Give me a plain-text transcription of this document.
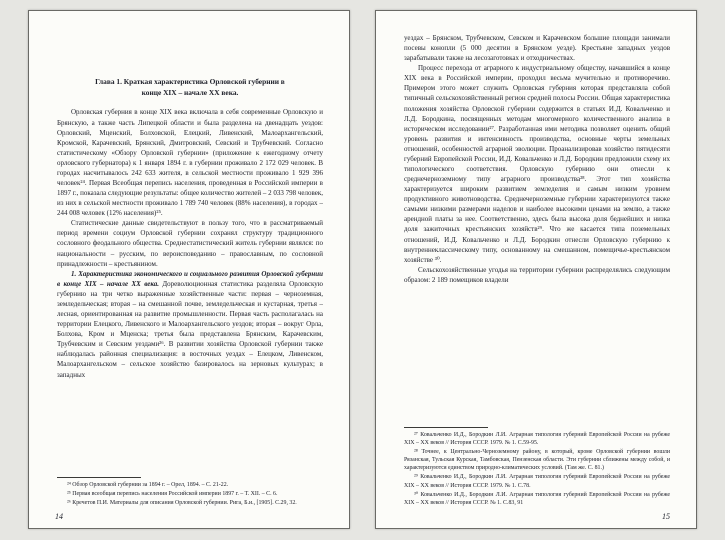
Глава 1. Краткая характеристика Орловской губернии в конце XIX – начале XX века.

Орловская губерния в конце XIX века включала в себя современные Орловскую и Брянскую, а также часть Липецкой области и была разделена на двенадцать уездов: Орловский, Мценский, Болховской, Елецкий, Ливенский, Малоархангельский, Кромской, Карачевский, Брянский, Дмитровский, Севский и Трубчевский. Согласно статистическому «Обзору Орловской губернии» (приложение к ежегодному отчету орловского губернатора) к 1 января 1894 г. в губернии проживало 2 172 029 человек. В городах насчитывалось 242 633 жителя, в сельской местности проживало 1 929 396 человек²⁴. Первая Всеобщая перепись населения, проведенная в Российской империи в 1897 г., показала следующие результаты: общее количество жителей – 2 033 798 человек, из них в сельской местности проживало 1 789 740 человек (88% населения), в городах – 244 008 человек (12% населения)²⁵.

Статистические данные свидетельствуют в пользу того, что в рассматриваемый период времени социум Орловской губернии сохранял структуру традиционного сословного феодального общества. Среднестатистический житель губернии являлся: по национальности – русским, по вероисповеданию – православным, по сословной принадлежности – крестьянином.

1. Характеристика экономического и социального развития Орловской губернии в конце XIX – начале XX века. Дореволюционная статистика разделяла Орловскую губернию на три четко выраженные хозяйственные части: первая – черноземная, земледельческая; вторая – на смешанной почве, земледельческая и кустарная, третья – лесная, ориентированная на развитие промышленности. Первая часть располагалась на территории Елецкого, Ливенского и Малоархангельского уездов; вторая – вокруг Орла, Болхова, Кром и Мценска; третья была представлена Брянским, Карачевским, Трубчевским и Севским уездами²⁶. В развитии хозяйства Орловской губернии также наблюдалась районная специализация: в восточных уездах – Елецком, Ливенском, Малоархангельском – сельское хозяйство базировалось на зерновых культурах; в западных

²⁴ Обзор Орловской губернии за 1894 г. – Орел, 1894. – С. 21-22.

²⁵ Первая всеобщая перепись населения Российской империи 1897 г. – Т. XII. – С. 6.

²⁶ Кречетов П.И. Материалы для описания Орловской губернии. Рига, Б.и., [1905]. С.29, 32.

14

уездах – Брянском, Трубчевском, Севском и Карачевском большие площади занимали посевы конопли (5 000 десятин в Брянском уезде). Крестьяне западных уездов зарабатывали также на лесозаготовках и отходничествах.

Процесс перехода от аграрного к индустриальному обществу, начавшийся в конце XIX века в Российской империи, проходил весьма мучительно и противоречиво. Примером этого может служить Орловская губерния которая представляла собой типичный сельскохозяйственный регион средней полосы России. Общая характеристика положения хозяйства Орловской губернии содержится в статьях И.Д. Ковальченко и Л.Д. Бородкина, посвященных методам многомерного количественного анализа в историческом исследовании²⁷. Разработанная ими методика позволяет оценить общий уровень развития и интенсивность производства, основные черты земельных отношений, особенностей аграрной эволюции. Проанализировав хозяйство пятидесяти губерний Европейской России, И.Д. Ковальченко и Л.Д. Бородкин предложили схему их типологического соответствия. Орловскую губернию они отнесли к среднечерноземному типу аграрного производства²⁸. Этот тип хозяйства характеризуется широким развитием земледелия и самым низким уровнем продуктивного животноводства. Среднечерноземные губернии характеризуются также самыми низкими размерами наделов и наиболее высокими ценами на землю, а также арендной платы за нее. Соответственно, здесь была высока доля беднейших и низка доля зажиточных крестьянских хозяйств²⁹. Что же касается типа поземельных отношений, И.Д. Ковальченко и Л.Д. Бородкин отнесли Орловскую губернию к внутреннеклассическому типу, основанному на смешанном, помещичье-крестьянском хозяйстве ³⁰.

Сельскохозяйственные угодья на территории губернии распределялись следующим образом: 2 189 помещиков владели

²⁷ Ковальченко И.Д., Бородкин Л.И. Аграрная типология губерний Европейской России на рубеже XIX – XX веков // История СССР. 1979. № 1. С.59-95.

²⁸ Точнее, к Центрально-Черноземному району, в который, кроме Орловской губернии вошли Рязанская, Тульская Курская, Тамбовская, Пензенская области. Эти губернии сближены между собой, и характеризуются единством природно-климатических условий. (Там же. С. 81.)

²⁹ Ковальченко И.Д., Бородкин Л.И. Аграрная типология губерний Европейской России на рубеже XIX – XX веков // История СССР. 1979. № 1. С.78.

³⁰ Ковальченко И.Д., Бородкин Л.И. Аграрная типология губерний Европейской России на рубеже XIX – XX веков // История СССР. № 1. С.83, 91

15
